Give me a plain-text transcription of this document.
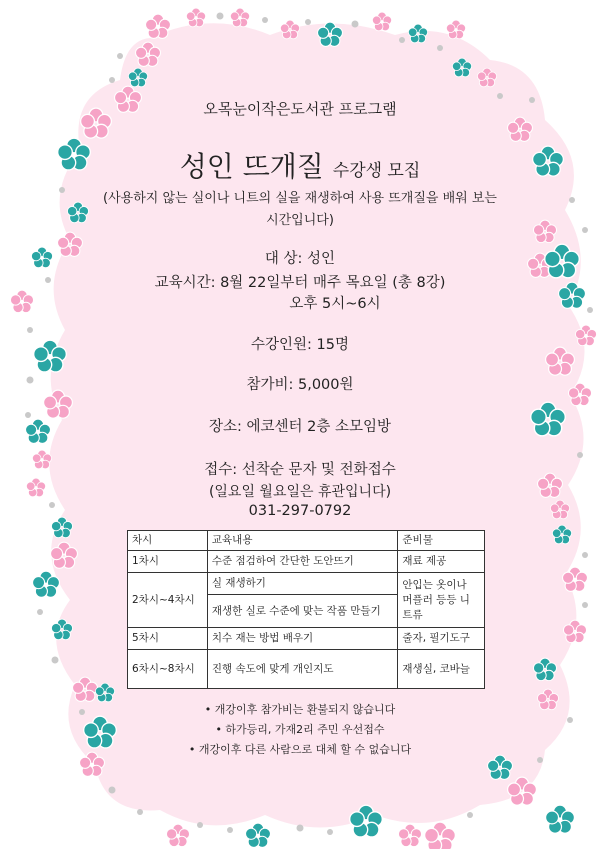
오목눈이작은도서관 프로그램
성인 뜨개질 수강생 모집
(사용하지 않는 실이나 니트의 실을 재생하여 사용 뜨개질을 배워 보는
시간입니다)
대 상: 성인
교육시간: 8월 22일부터 매주 목요일 (총 8강)
오후 5시~6시
수강인원: 15명
참가비: 5,000원
장소: 에코센터 2층 소모임방
접수: 선착순 문자 및 전화접수
(일요일 월요일은 휴관입니다)
031-297-0792
차시	교육내용	준비물
1차시	수준 점검하여 간단한 도안뜨기	재료 제공
2차시~4차시	실 재생하기	안입는 옷이나 머플러 등등 니트류
	재생한 실로 수준에 맞는 작품 만들기	
5차시	치수 재는 방법 배우기	줄자, 필기도구
6차시~8차시	진행 속도에 맞게 개인지도	재생실, 코바늘
• 개강이후 참가비는 환불되지 않습니다
• 하가등리, 가재2리 주민 우선접수
• 개강이후 다른 사람으로 대체 할 수 없습니다
